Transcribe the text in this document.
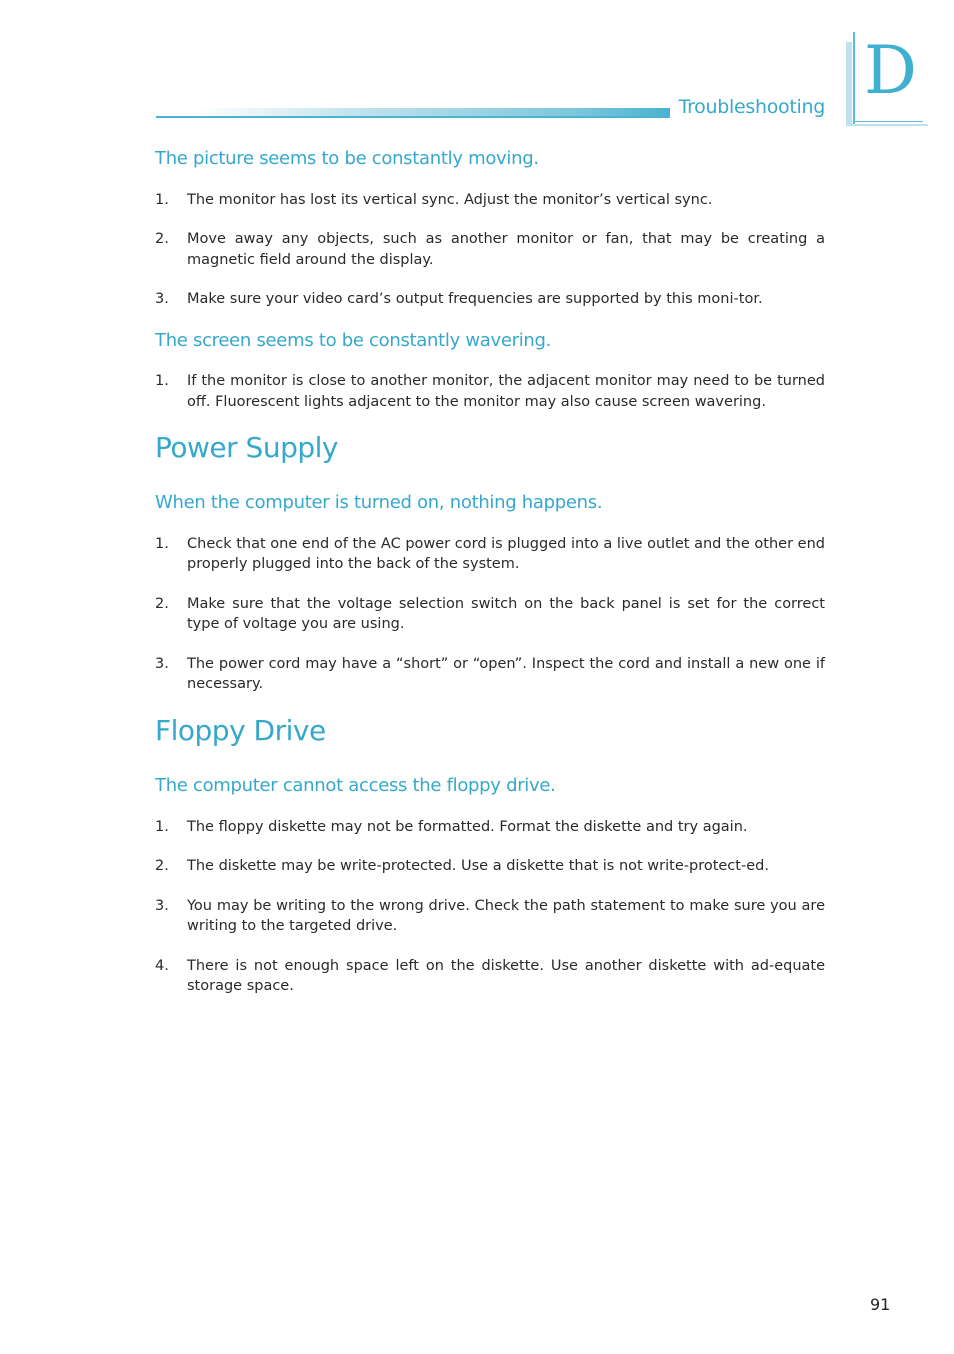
Troubleshooting D
The picture seems to be constantly moving.
1. The monitor has lost its vertical sync. Adjust the monitor’s vertical sync.
2. Move away any objects, such as another monitor or fan, that may be creating a magnetic field around the display.
3. Make sure your video card’s output frequencies are supported by this moni-tor.
The screen seems to be constantly wavering.
1. If the monitor is close to another monitor, the adjacent monitor may need to be turned off. Fluorescent lights adjacent to the monitor may also cause screen wavering.
Power Supply
When the computer is turned on, nothing happens.
1. Check that one end of the AC power cord is plugged into a live outlet and the other end properly plugged into the back of the system.
2. Make sure that the voltage selection switch on the back panel is set for the correct type of voltage you are using.
3. The power cord may have a “short” or “open”. Inspect the cord and install a new one if necessary.
Floppy Drive
The computer cannot access the floppy drive.
1. The floppy diskette may not be formatted. Format the diskette and try again.
2. The diskette may be write-protected. Use a diskette that is not write-protect-ed.
3. You may be writing to the wrong drive. Check the path statement to make sure you are writing to the targeted drive.
4. There is not enough space left on the diskette. Use another diskette with ad-equate storage space.
91
